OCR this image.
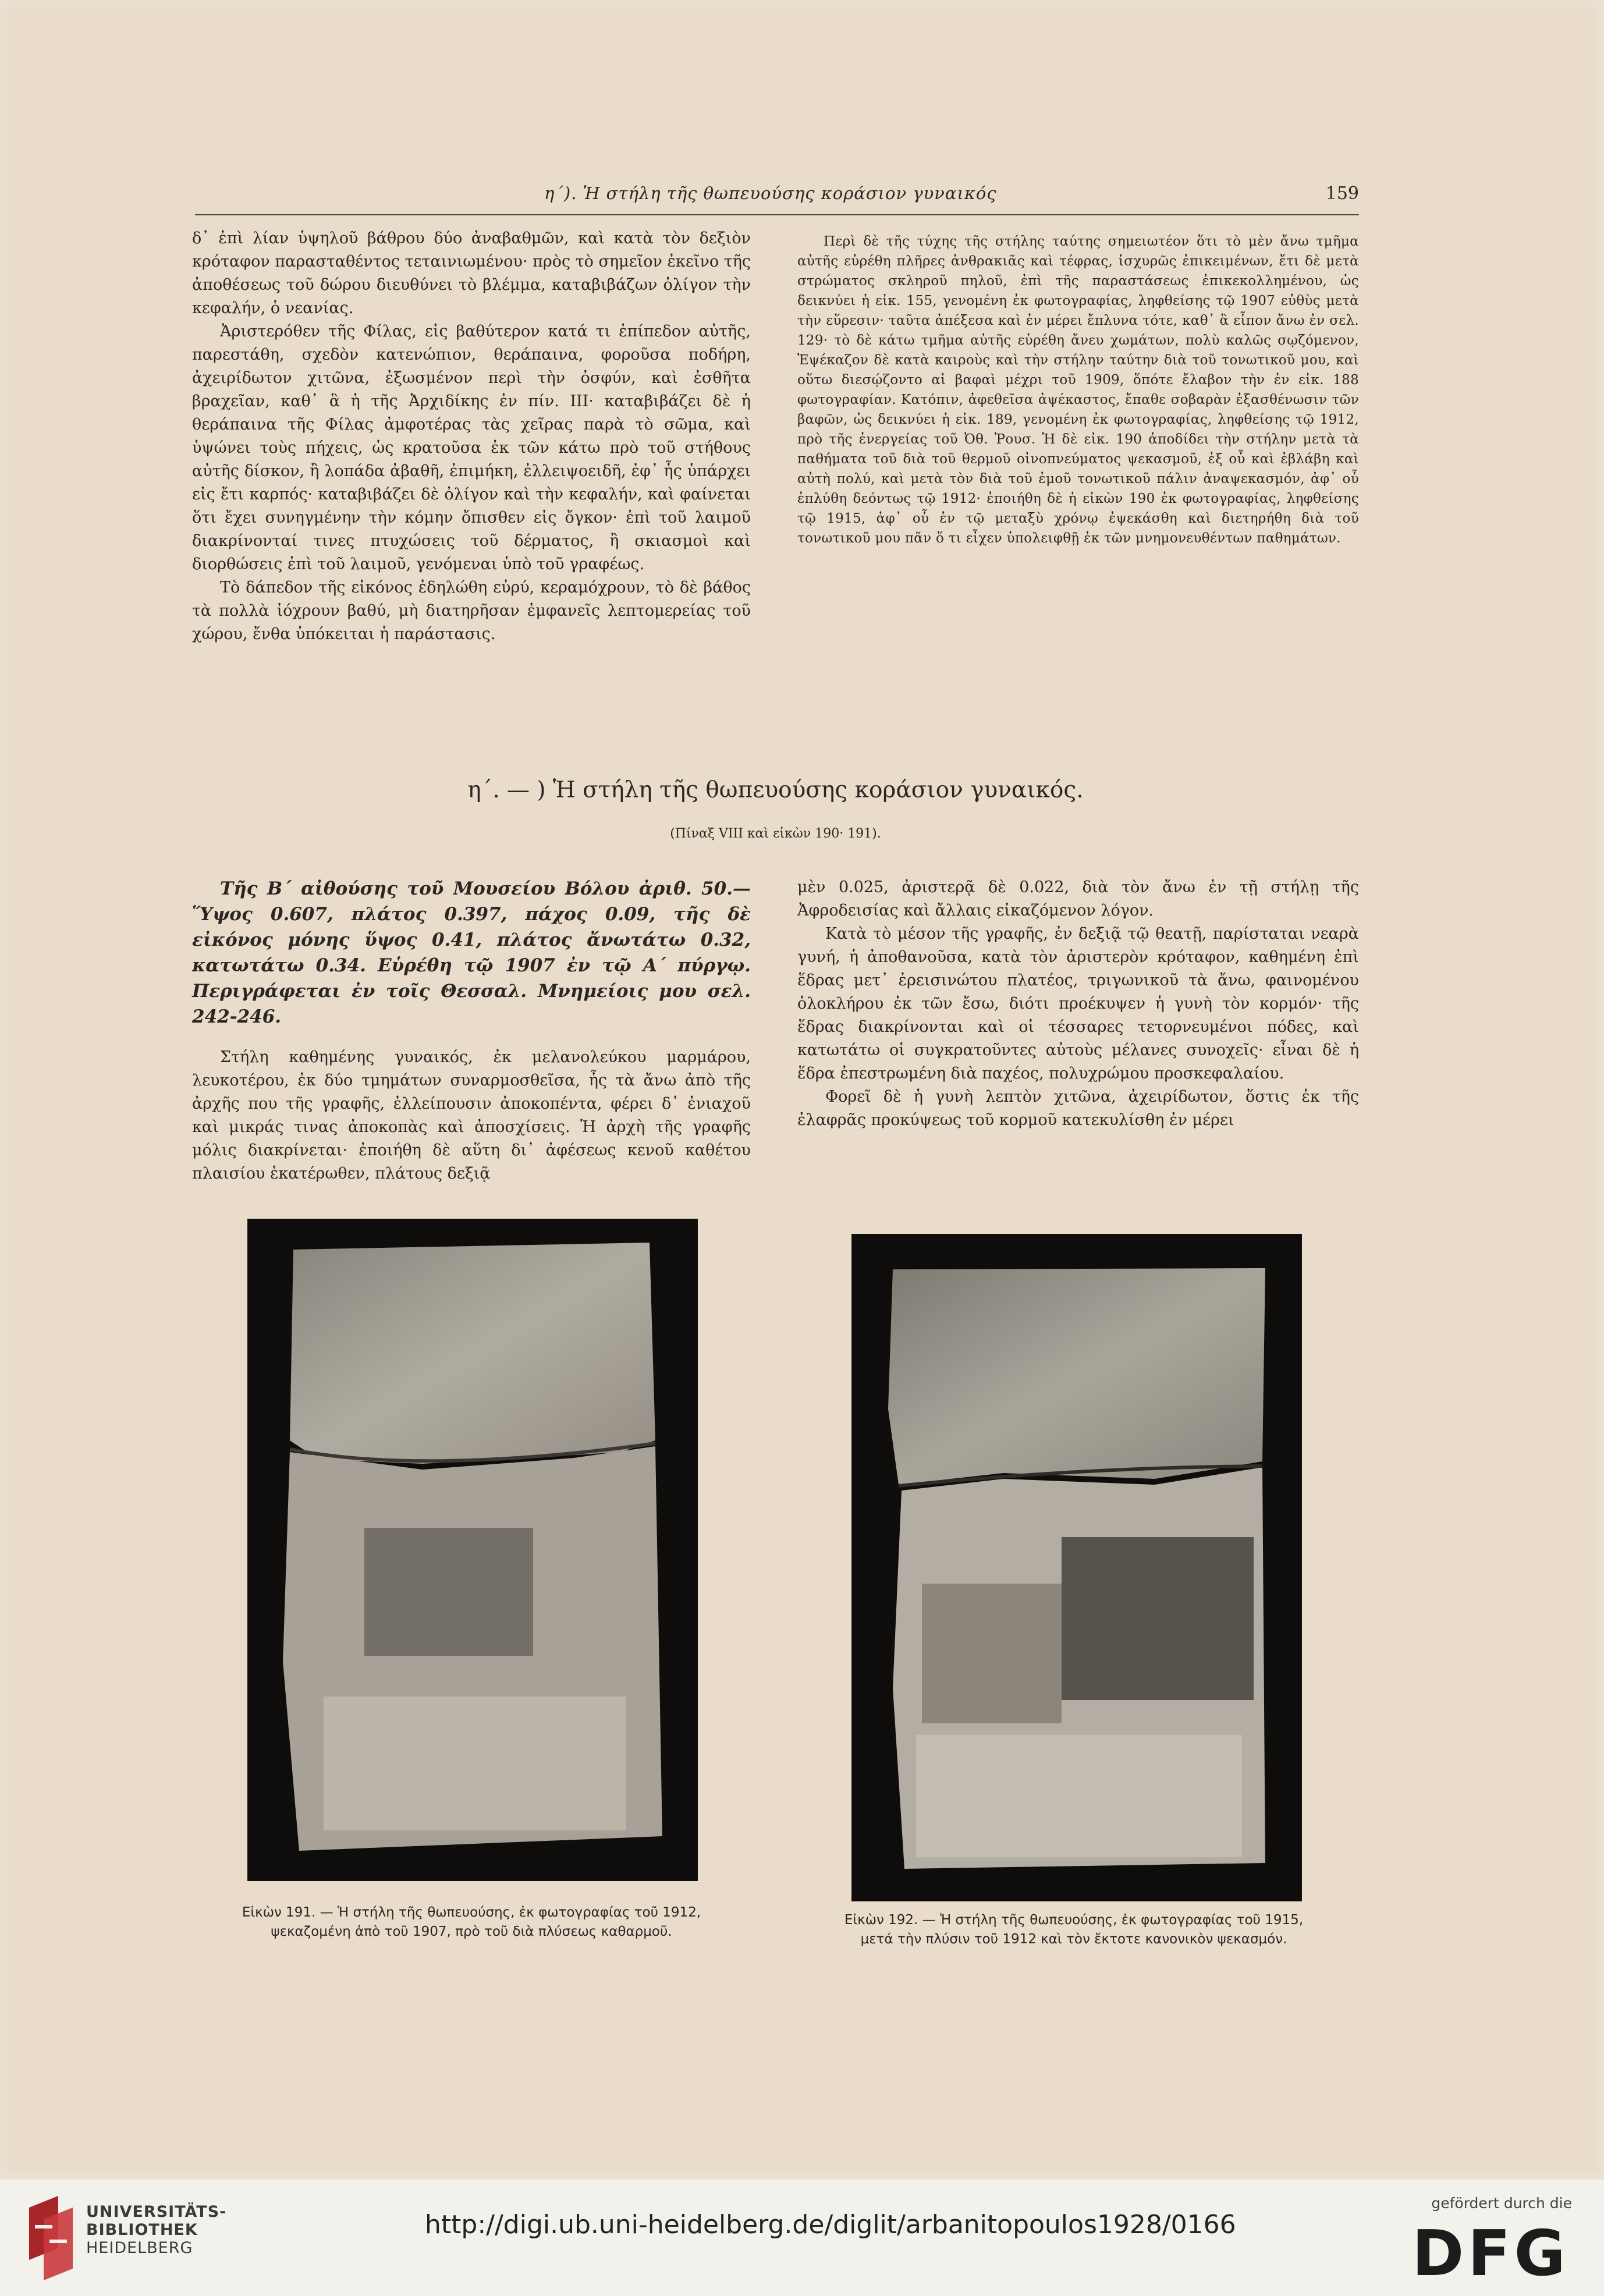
η΄). Ἡ στήλη τῆς θωπευούσης κοράσιον γυναικός	159

δ᾽ ἐπὶ λίαν ὑψηλοῦ βάθρου δύο ἀναβαθμῶν, καὶ κατὰ τὸν δεξιὸν κρόταφον παρασταθέντος τεταινιωμένου· πρὸς τὸ σημεῖον ἐκεῖνο τῆς ἀποθέσεως τοῦ δώρου διευθύνει τὸ βλέμμα, καταβιβάζων ὀλίγον τὴν κεφαλήν, ὁ νεανίας.

Ἀριστερόθεν τῆς Φίλας, εἰς βαθύτερον κατά τι ἐπίπεδον αὐτῆς, παρεστάθη, σχεδὸν κατενώπιον, θεράπαινα, φοροῦσα ποδήρη, ἀχειρίδωτον χιτῶνα, ἐξωσμένον περὶ τὴν ὀσφύν, καὶ ἐσθῆτα βραχεῖαν, καθ᾽ ἃ ἡ τῆς Ἀρχιδίκης ἐν πίν. III· καταβιβάζει δὲ ἡ θεράπαινα τῆς Φίλας ἀμφοτέρας τὰς χεῖρας παρὰ τὸ σῶμα, καὶ ὑψώνει τοὺς πήχεις, ὡς κρατοῦσα ἐκ τῶν κάτω πρὸ τοῦ στήθους αὐτῆς δίσκον, ἢ λοπάδα ἀβαθῆ, ἐπιμήκη, ἐλλειψοειδῆ, ἐφ᾽ ἧς ὑπάρχει εἰς ἔτι καρπός· καταβιβάζει δὲ ὀλίγον καὶ τὴν κεφαλήν, καὶ φαίνεται ὅτι ἔχει συνηγμένην τὴν κόμην ὄπισθεν εἰς ὄγκον· ἐπὶ τοῦ λαιμοῦ διακρίνονταί τινες πτυχώσεις τοῦ δέρματος, ἢ σκιασμοὶ καὶ διορθώσεις ἐπὶ τοῦ λαιμοῦ, γενόμεναι ὑπὸ τοῦ γραφέως.

Τὸ δάπεδον τῆς εἰκόνος ἐδηλώθη εὐρύ, κεραμόχρουν, τὸ δὲ βάθος τὰ πολλὰ ἰόχρουν βαθύ, μὴ διατηρῆσαν ἐμφανεῖς λεπτομερείας τοῦ χώρου, ἔνθα ὑπόκειται ἡ παράστασις.

Περὶ δὲ τῆς τύχης τῆς στήλης ταύτης σημειωτέον ὅτι τὸ μὲν ἄνω τμῆμα αὐτῆς εὑρέθη πλῆρες ἀνθρακιᾶς καὶ τέφρας, ἰσχυρῶς ἐπικειμένων, ἔτι δὲ μετὰ στρώματος σκληροῦ πηλοῦ, ἐπὶ τῆς παραστάσεως ἐπικεκολλημένου, ὡς δεικνύει ἡ εἰκ. 155, γενομένη ἐκ φωτογραφίας, ληφθείσης τῷ 1907 εὐθὺς μετὰ τὴν εὕρεσιν· ταῦτα ἀπέξεσα καὶ ἐν μέρει ἔπλυνα τότε, καθ᾽ ἃ εἶπον ἄνω ἐν σελ. 129· τὸ δὲ κάτω τμῆμα αὐτῆς εὑρέθη ἄνευ χωμάτων, πολὺ καλῶς σῳζόμενον, Ἐψέκαζον δὲ κατὰ καιροὺς καὶ τὴν στήλην ταύτην διὰ τοῦ τονωτικοῦ μου, καὶ οὕτω διεσῴζοντο αἱ βαφαὶ μέχρι τοῦ 1909, ὅπότε ἔλαβον τὴν ἐν εἰκ. 188 φωτογραφίαν. Κατόπιν, ἀφεθεῖσα ἀψέκαστος, ἔπαθε σοβαρὰν ἐξασθένωσιν τῶν βαφῶν, ὡς δεικνύει ἡ εἰκ. 189, γενομένη ἐκ φωτογραφίας, ληφθείσης τῷ 1912, πρὸ τῆς ἐνεργείας τοῦ Ὀθ. Ῥουσ. Ἡ δὲ εἰκ. 190 ἀποδίδει τὴν στήλην μετὰ τὰ παθήματα τοῦ διὰ τοῦ θερμοῦ οἰνοπνεύματος ψεκασμοῦ, ἐξ οὗ καὶ ἐβλάβη καὶ αὐτὴ πολύ, καὶ μετὰ τὸν διὰ τοῦ ἐμοῦ τονωτικοῦ πάλιν ἀναψεκασμόν, ἀφ᾽ οὗ ἐπλύθη δεόντως τῷ 1912· ἐποιήθη δὲ ἡ εἰκὼν 190 ἐκ φωτογραφίας, ληφθείσης τῷ 1915, ἀφ᾽ οὗ ἐν τῷ μεταξὺ χρόνῳ ἐψεκάσθη καὶ διετηρήθη διὰ τοῦ τονωτικοῦ μου πᾶν ὅ τι εἶχεν ὑπολειφθῇ ἐκ τῶν μνημονευθέντων παθημάτων.

η΄. — ) Ἡ στήλη τῆς θωπευούσης κοράσιον γυναικός.
(Πίναξ VIII καὶ εἰκὼν 190· 191).

Τῆς Β΄ αἰθούσης τοῦ Μουσείου Βόλου ἀριθ. 50.— Ὕψος 0.607, πλάτος 0.397, πάχος 0.09, τῆς δὲ εἰκόνος μόνης ὕψος 0.41, πλάτος ἄνωτάτω 0.32, κατωτάτω 0.34. Εὑρέθη τῷ 1907 ἐν τῷ Α΄ πύργῳ. Περιγράφεται ἐν τοῖς Θεσσαλ. Μνημείοις μου σελ. 242-246.

Στήλη καθημένης γυναικός, ἐκ μελανολεύκου μαρμάρου, λευκοτέρου, ἐκ δύο τμημάτων συναρμοσθεῖσα, ἧς τὰ ἄνω ἀπὸ τῆς ἀρχῆς που τῆς γραφῆς, ἐλλείπουσιν ἀποκοπέντα, φέρει δ᾽ ἐνιαχοῦ καὶ μικράς τινας ἀποκοπὰς καὶ ἀποσχίσεις. Ἡ ἀρχὴ τῆς γραφῆς μόλις διακρίνεται· ἐποιήθη δὲ αὕτη δι᾽ ἀφέσεως κενοῦ καθέτου πλαισίου ἑκατέρωθεν, πλάτους δεξιᾷ

μὲν 0.025, ἀριστερᾷ δὲ 0.022, διὰ τὸν ἄνω ἐν τῇ στήλῃ τῆς Ἀφροδεισίας καὶ ἄλλαις εἰκαζόμενον λόγον.

Κατὰ τὸ μέσον τῆς γραφῆς, ἐν δεξιᾷ τῷ θεατῇ, παρίσταται νεαρὰ γυνή, ἡ ἀποθανοῦσα, κατὰ τὸν ἀριστερὸν κρόταφον, καθημένη ἐπὶ ἕδρας μετ᾽ ἐρεισινώτου πλατέος, τριγωνικοῦ τὰ ἄνω, φαινομένου ὁλοκλήρου ἐκ τῶν ἔσω, διότι προέκυψεν ἡ γυνὴ τὸν κορμόν· τῆς ἕδρας διακρίνονται καὶ οἱ τέσσαρες τετορνευμένοι πόδες, καὶ κατωτάτω οἱ συγκρατοῦντες αὐτοὺς μέλανες συνοχεῖς· εἶναι δὲ ἡ ἕδρα ἐπεστρωμένη διὰ παχέος, πολυχρώμου προσκεφαλαίου.

Φορεῖ δὲ ἡ γυνὴ λεπτὸν χιτῶνα, ἀχειρίδωτον, ὅστις ἐκ τῆς ἐλαφρᾶς προκύψεως τοῦ κορμοῦ κατεκυλίσθη ἐν μέρει

Εἰκὼν 191. — Ἡ στήλη τῆς θωπευούσης, ἐκ φωτογραφίας τοῦ 1912,
ψεκαζομένη ἀπὸ τοῦ 1907, πρὸ τοῦ διὰ πλύσεως καθαρμοῦ.
Εἰκὼν 192. — Ἡ στήλη τῆς θωπευούσης, ἐκ φωτογραφίας τοῦ 1915,
μετά τὴν πλύσιν τοῦ 1912 καὶ τὸν ἔκτοτε κανονικὸν ψεκασμόν.
UNIVERSITÄTS-
BIBLIOTHEK
HEIDELBERG
http://digi.ub.uni-heidelberg.de/diglit/arbanitopoulos1928/0166
gefördert durch die
DFG
